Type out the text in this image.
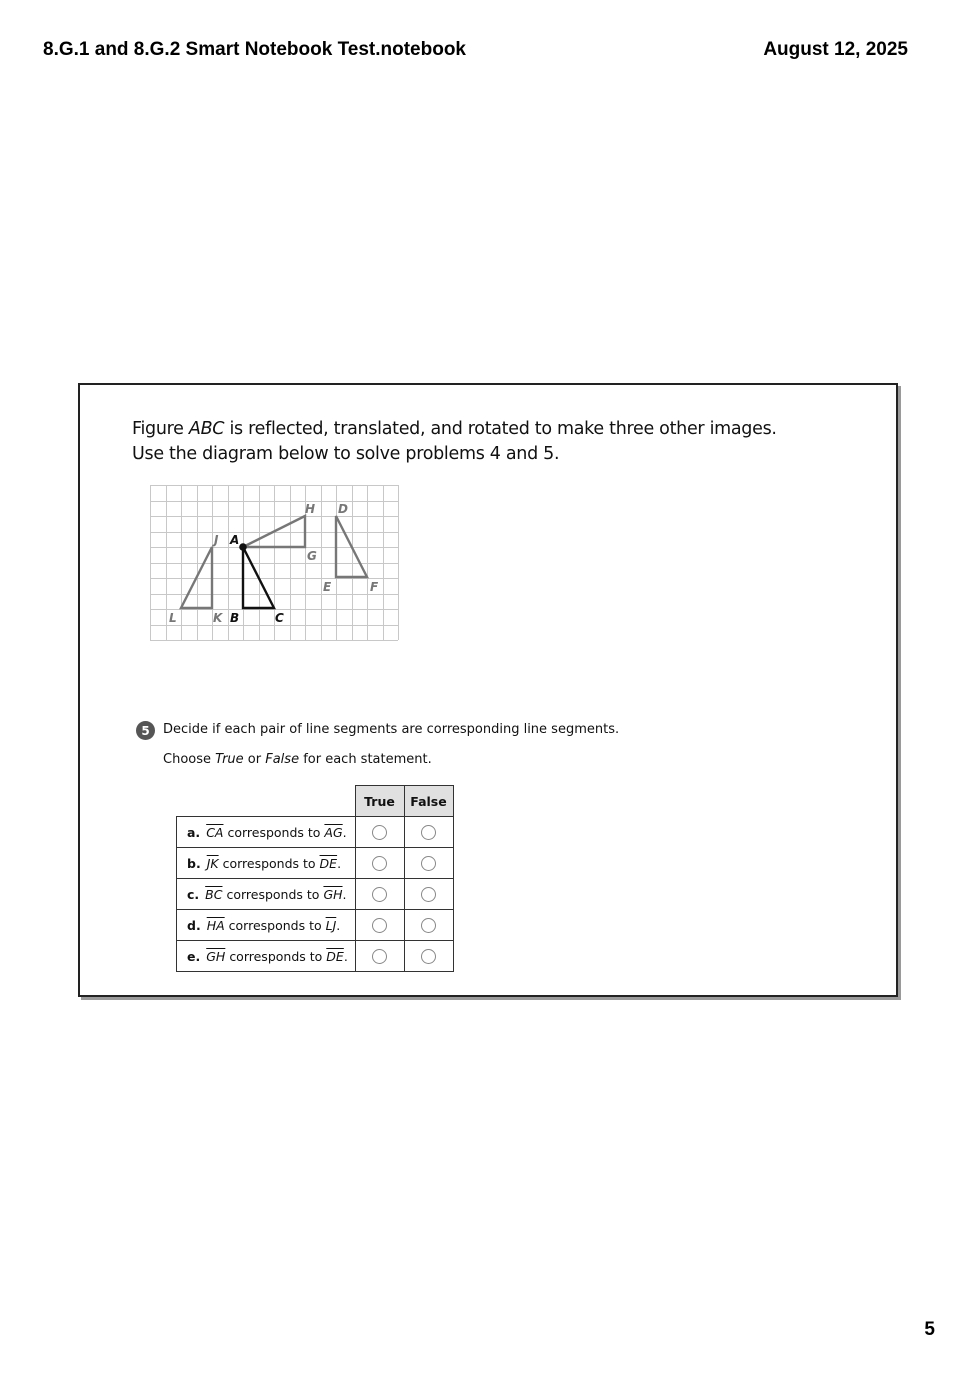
8.G.1 and 8.G.2 Smart Notebook Test.notebook	August 12, 2025
Figure ABC is reflected, translated, and rotated to make three other images. Use the diagram below to solve problems 4 and 5.
A
B	C
J
K
L
H
G
D
E	F
5	Decide if each pair of line segments are corresponding line segments.
Choose True or False for each statement.
	True	False
a. $\overline{CA}$ corresponds to $\overline{AG}$.		
b. $\overline{JK}$ corresponds to $\overline{DE}$.		
c. $\overline{BC}$ corresponds to $\overline{GH}$.		
d. $\overline{HA}$ corresponds to $\overline{LJ}$.		
e. $\overline{GH}$ corresponds to $\overline{DE}$.		
5
